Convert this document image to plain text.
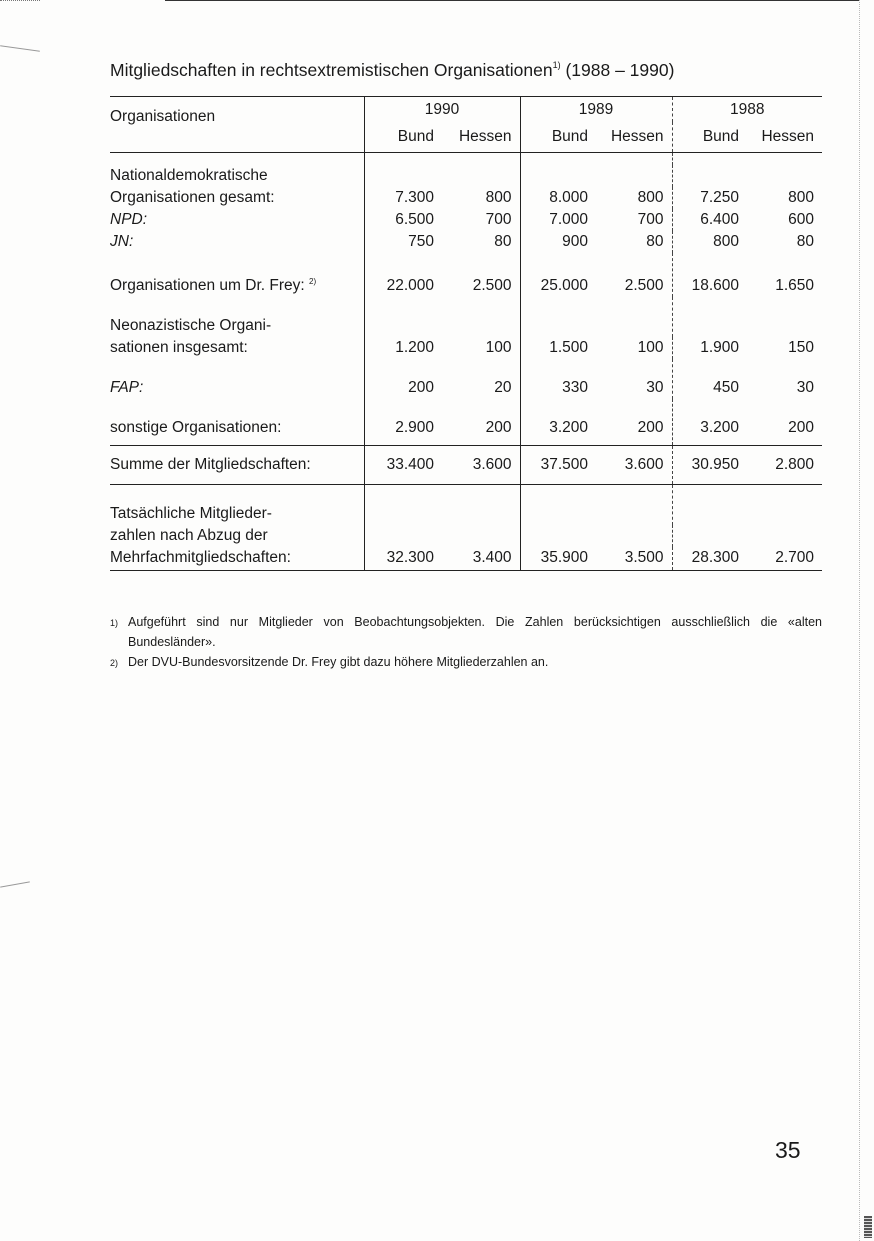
Mitgliedschaften in rechtsextremistischen Organisationen$^{1)}$ (1988 – 1990)
Organisationen	1990		1989		1988	
	Bund	Hessen	Bund	Hessen	Bund	Hessen

Nationaldemokratische						
Organisationen gesamt:	7.300	800	8.000	800	7.250	800
NPD:	6.500	700	7.000	700	6.400	600
JN:	750	80	900	80	800	80
Organisationen um Dr. Frey: $^{2)}$	22.000	2.500	25.000	2.500	18.600	1.650
Neonazistische Organi-						
sationen insgesamt:	1.200	100	1.500	100	1.900	150
FAP:	200	20	330	30	450	30
sonstige Organisationen:	2.900	200	3.200	200	3.200	200
Summe der Mitgliedschaften:	33.400	3.600	37.500	3.600	30.950	2.800
Tatsächliche Mitglieder-						
zahlen nach Abzug der						
Mehrfachmitgliedschaften:	32.300	3.400	35.900	3.500	28.300	2.700
1) Aufgeführt sind nur Mitglieder von Beobachtungsobjekten. Die Zahlen berücksichtigen ausschließlich die «alten Bundesländer».
2) Der DVU-Bundesvorsitzende Dr. Frey gibt dazu höhere Mitgliederzahlen an.
35
